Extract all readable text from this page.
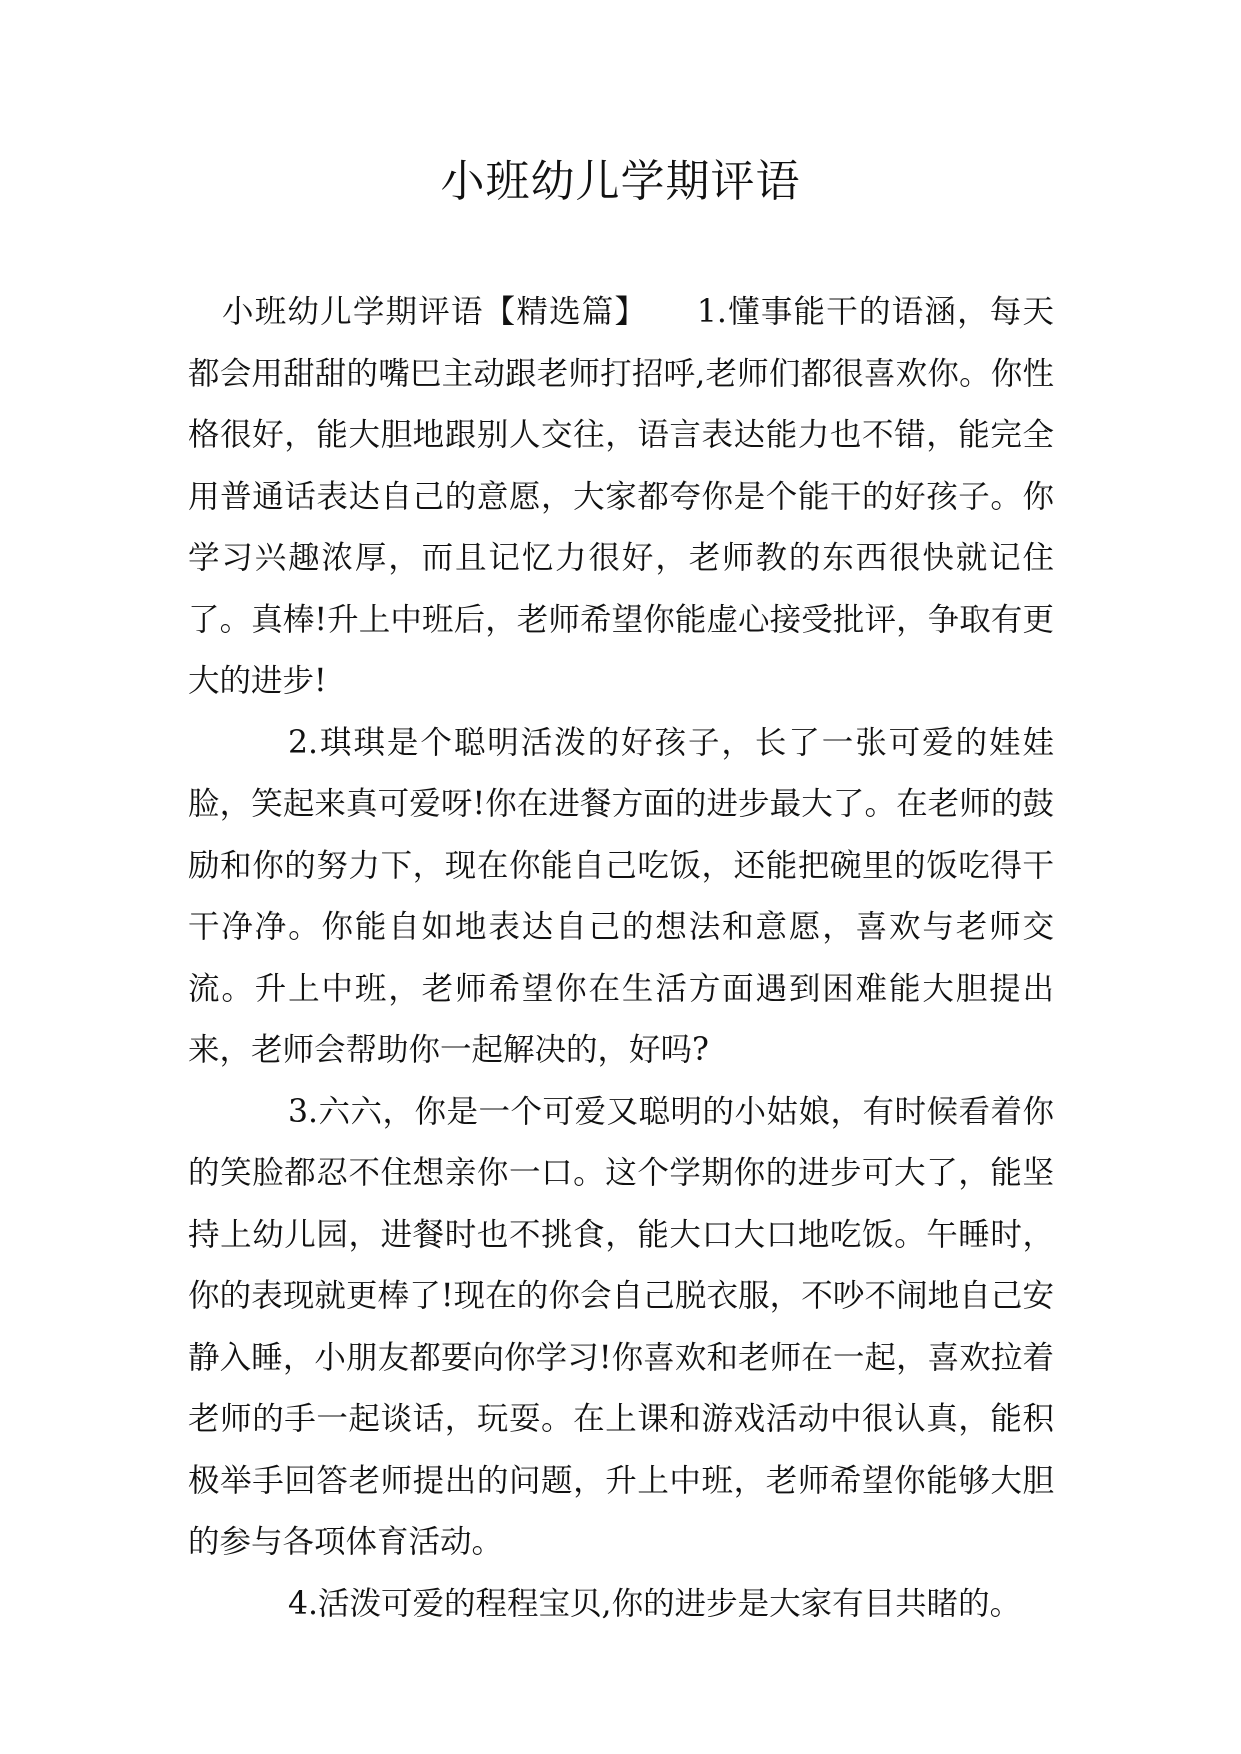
小班幼儿学期评语

小班幼儿学期评语【精选篇】　　1.懂事能干的语涵，每天都会用甜甜的嘴巴主动跟老师打招呼,老师们都很喜欢你。你性格很好，能大胆地跟别人交往，语言表达能力也不错，能完全用普通话表达自己的意愿，大家都夸你是个能干的好孩子。你学习兴趣浓厚，而且记忆力很好，老师教的东西很快就记住了。真棒!升上中班后，老师希望你能虚心接受批评，争取有更大的进步!

2.琪琪是个聪明活泼的好孩子，长了一张可爱的娃娃脸，笑起来真可爱呀!你在进餐方面的进步最大了。在老师的鼓励和你的努力下，现在你能自己吃饭，还能把碗里的饭吃得干干净净。你能自如地表达自己的想法和意愿，喜欢与老师交流。升上中班，老师希望你在生活方面遇到困难能大胆提出来，老师会帮助你一起解决的，好吗?

3.六六，你是一个可爱又聪明的小姑娘，有时候看着你的笑脸都忍不住想亲你一口。这个学期你的进步可大了，能坚持上幼儿园，进餐时也不挑食，能大口大口地吃饭。午睡时，你的表现就更棒了!现在的你会自己脱衣服，不吵不闹地自己安静入睡，小朋友都要向你学习!你喜欢和老师在一起，喜欢拉着老师的手一起谈话，玩耍。在上课和游戏活动中很认真，能积极举手回答老师提出的问题，升上中班，老师希望你能够大胆的参与各项体育活动。

4.活泼可爱的程程宝贝,你的进步是大家有目共睹的。
